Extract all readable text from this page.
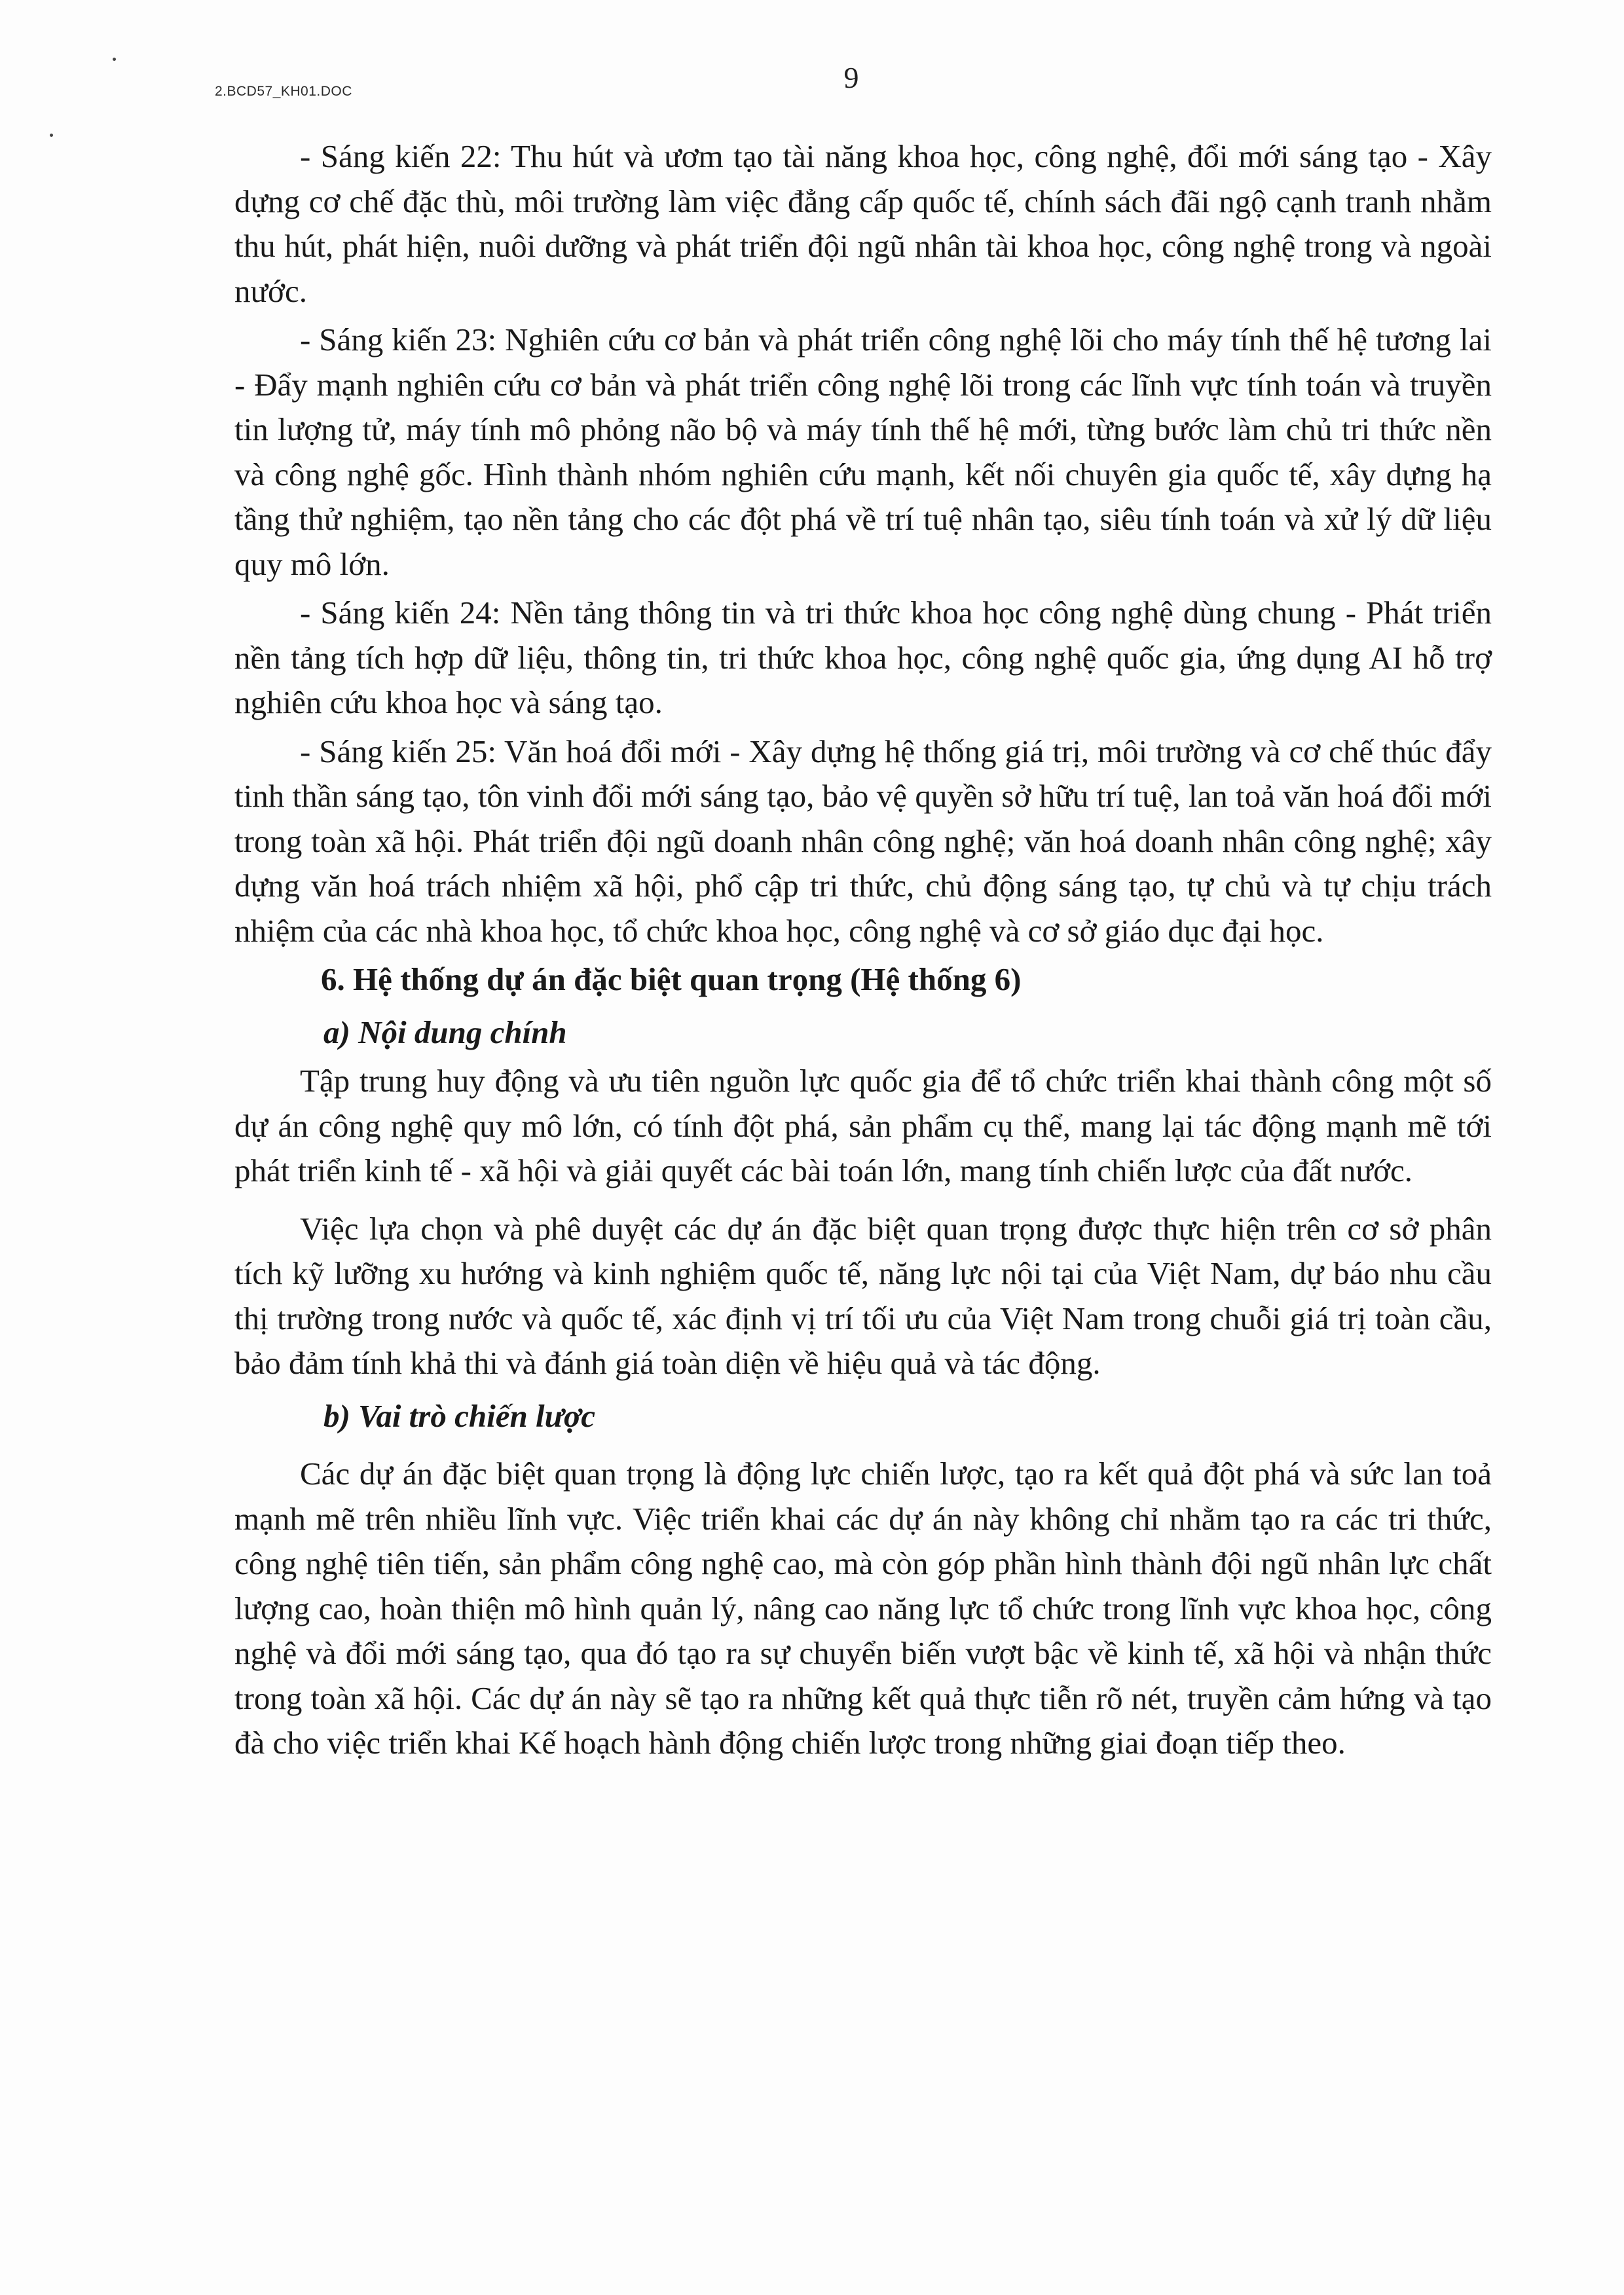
2.BCD57_KH01.DOC	9

- Sáng kiến 22: Thu hút và ươm tạo tài năng khoa học, công nghệ, đổi mới sáng tạo - Xây dựng cơ chế đặc thù, môi trường làm việc đẳng cấp quốc tế, chính sách đãi ngộ cạnh tranh nhằm thu hút, phát hiện, nuôi dưỡng và phát triển đội ngũ nhân tài khoa học, công nghệ trong và ngoài nước.

- Sáng kiến 23: Nghiên cứu cơ bản và phát triển công nghệ lõi cho máy tính thế hệ tương lai - Đẩy mạnh nghiên cứu cơ bản và phát triển công nghệ lõi trong các lĩnh vực tính toán và truyền tin lượng tử, máy tính mô phỏng não bộ và máy tính thế hệ mới, từng bước làm chủ tri thức nền và công nghệ gốc. Hình thành nhóm nghiên cứu mạnh, kết nối chuyên gia quốc tế, xây dựng hạ tầng thử nghiệm, tạo nền tảng cho các đột phá về trí tuệ nhân tạo, siêu tính toán và xử lý dữ liệu quy mô lớn.

- Sáng kiến 24: Nền tảng thông tin và tri thức khoa học công nghệ dùng chung - Phát triển nền tảng tích hợp dữ liệu, thông tin, tri thức khoa học, công nghệ quốc gia, ứng dụng AI hỗ trợ nghiên cứu khoa học và sáng tạo.

- Sáng kiến 25: Văn hoá đổi mới - Xây dựng hệ thống giá trị, môi trường và cơ chế thúc đẩy tinh thần sáng tạo, tôn vinh đổi mới sáng tạo, bảo vệ quyền sở hữu trí tuệ, lan toả văn hoá đổi mới trong toàn xã hội. Phát triển đội ngũ doanh nhân công nghệ; văn hoá doanh nhân công nghệ; xây dựng văn hoá trách nhiệm xã hội, phổ cập tri thức, chủ động sáng tạo, tự chủ và tự chịu trách nhiệm của các nhà khoa học, tổ chức khoa học, công nghệ và cơ sở giáo dục đại học.

6. Hệ thống dự án đặc biệt quan trọng (Hệ thống 6)
a) Nội dung chính

Tập trung huy động và ưu tiên nguồn lực quốc gia để tổ chức triển khai thành công một số dự án công nghệ quy mô lớn, có tính đột phá, sản phẩm cụ thể, mang lại tác động mạnh mẽ tới phát triển kinh tế - xã hội và giải quyết các bài toán lớn, mang tính chiến lược của đất nước.

Việc lựa chọn và phê duyệt các dự án đặc biệt quan trọng được thực hiện trên cơ sở phân tích kỹ lưỡng xu hướng và kinh nghiệm quốc tế, năng lực nội tại của Việt Nam, dự báo nhu cầu thị trường trong nước và quốc tế, xác định vị trí tối ưu của Việt Nam trong chuỗi giá trị toàn cầu, bảo đảm tính khả thi và đánh giá toàn diện về hiệu quả và tác động.

b) Vai trò chiến lược

Các dự án đặc biệt quan trọng là động lực chiến lược, tạo ra kết quả đột phá và sức lan toả mạnh mẽ trên nhiều lĩnh vực. Việc triển khai các dự án này không chỉ nhằm tạo ra các tri thức, công nghệ tiên tiến, sản phẩm công nghệ cao, mà còn góp phần hình thành đội ngũ nhân lực chất lượng cao, hoàn thiện mô hình quản lý, nâng cao năng lực tổ chức trong lĩnh vực khoa học, công nghệ và đổi mới sáng tạo, qua đó tạo ra sự chuyển biến vượt bậc về kinh tế, xã hội và nhận thức trong toàn xã hội. Các dự án này sẽ tạo ra những kết quả thực tiễn rõ nét, truyền cảm hứng và tạo đà cho việc triển khai Kế hoạch hành động chiến lược trong những giai đoạn tiếp theo.
